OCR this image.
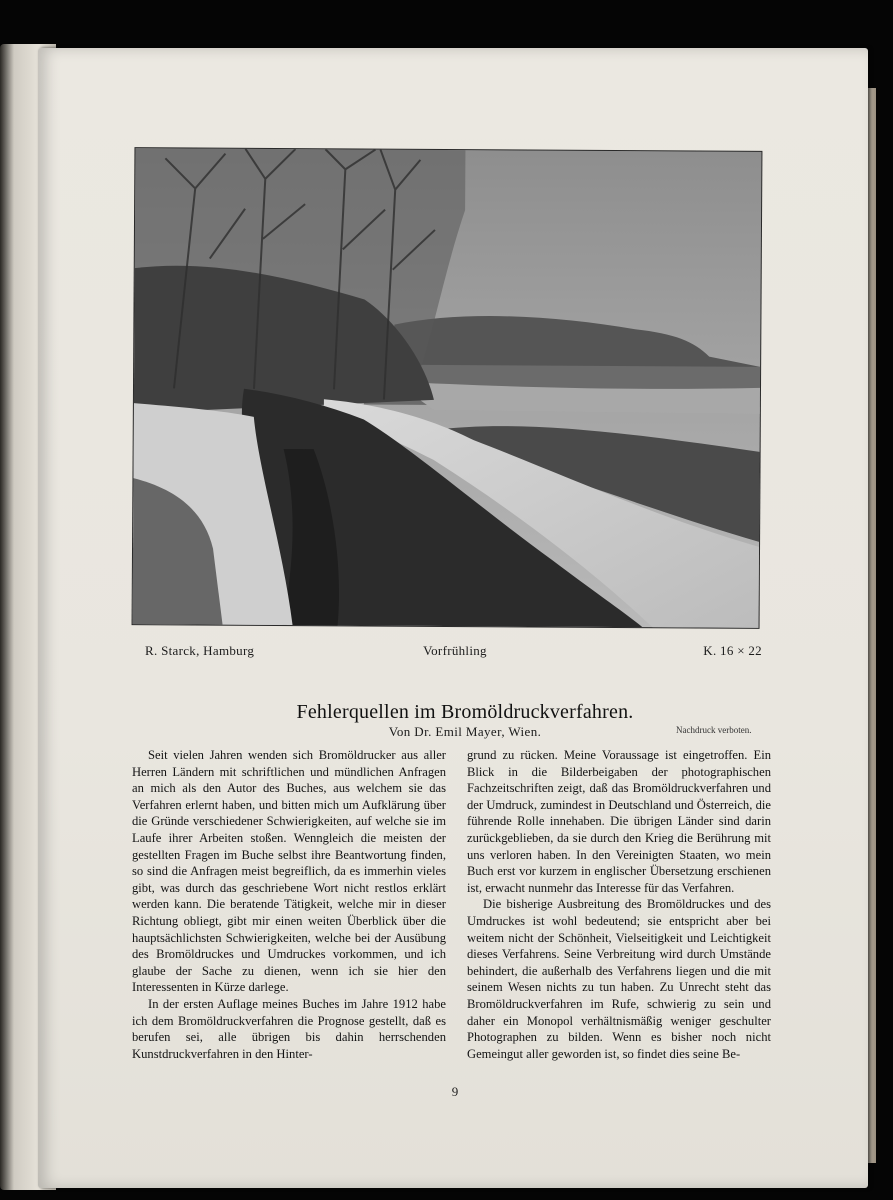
R. Starck, Hamburg	Vorfrühling	K. 16 × 22
Fehlerquellen im Bromöldruckverfahren.
Von Dr. Emil Mayer, Wien.	Nachdruck verboten.

Seit vielen Jahren wenden sich Bromöldrucker aus aller Herren Ländern mit schriftlichen und mündlichen Anfragen an mich als den Autor des Buches, aus welchem sie das Verfahren erlernt haben, und bitten mich um Aufklärung über die Gründe verschiedener Schwierigkeiten, auf welche sie im Laufe ihrer Arbeiten stoßen. Wenngleich die meisten der gestellten Fragen im Buche selbst ihre Beantwortung finden, so sind die Anfragen meist begreiflich, da es immerhin vieles gibt, was durch das geschriebene Wort nicht restlos erklärt werden kann. Die beratende Tätigkeit, welche mir in dieser Richtung obliegt, gibt mir einen weiten Überblick über die hauptsächlichsten Schwierigkeiten, welche bei der Ausübung des Bromöldruckes und Umdruckes vorkommen, und ich glaube der Sache zu dienen, wenn ich sie hier den Interessenten in Kürze darlege.

In der ersten Auflage meines Buches im Jahre 1912 habe ich dem Bromöldruckverfahren die Prognose gestellt, daß es berufen sei, alle übrigen bis dahin herrschenden Kunstdruckverfahren in den Hinter-

grund zu rücken. Meine Voraussage ist eingetroffen. Ein Blick in die Bilderbeigaben der photographischen Fachzeitschriften zeigt, daß das Bromöldruckverfahren und der Umdruck, zumindest in Deutschland und Österreich, die führende Rolle innehaben. Die übrigen Länder sind darin zurückgeblieben, da sie durch den Krieg die Berührung mit uns verloren haben. In den Vereinigten Staaten, wo mein Buch erst vor kurzem in englischer Übersetzung erschienen ist, erwacht nunmehr das Interesse für das Verfahren.

Die bisherige Ausbreitung des Bromöldruckes und des Umdruckes ist wohl bedeutend; sie entspricht aber bei weitem nicht der Schönheit, Vielseitigkeit und Leichtigkeit dieses Verfahrens. Seine Verbreitung wird durch Umstände behindert, die außerhalb des Verfahrens liegen und die mit seinem Wesen nichts zu tun haben. Zu Unrecht steht das Bromöldruckverfahren im Rufe, schwierig zu sein und daher ein Monopol verhältnismäßig weniger geschulter Photographen zu bilden. Wenn es bisher noch nicht Gemeingut aller geworden ist, so findet dies seine Be-

9
